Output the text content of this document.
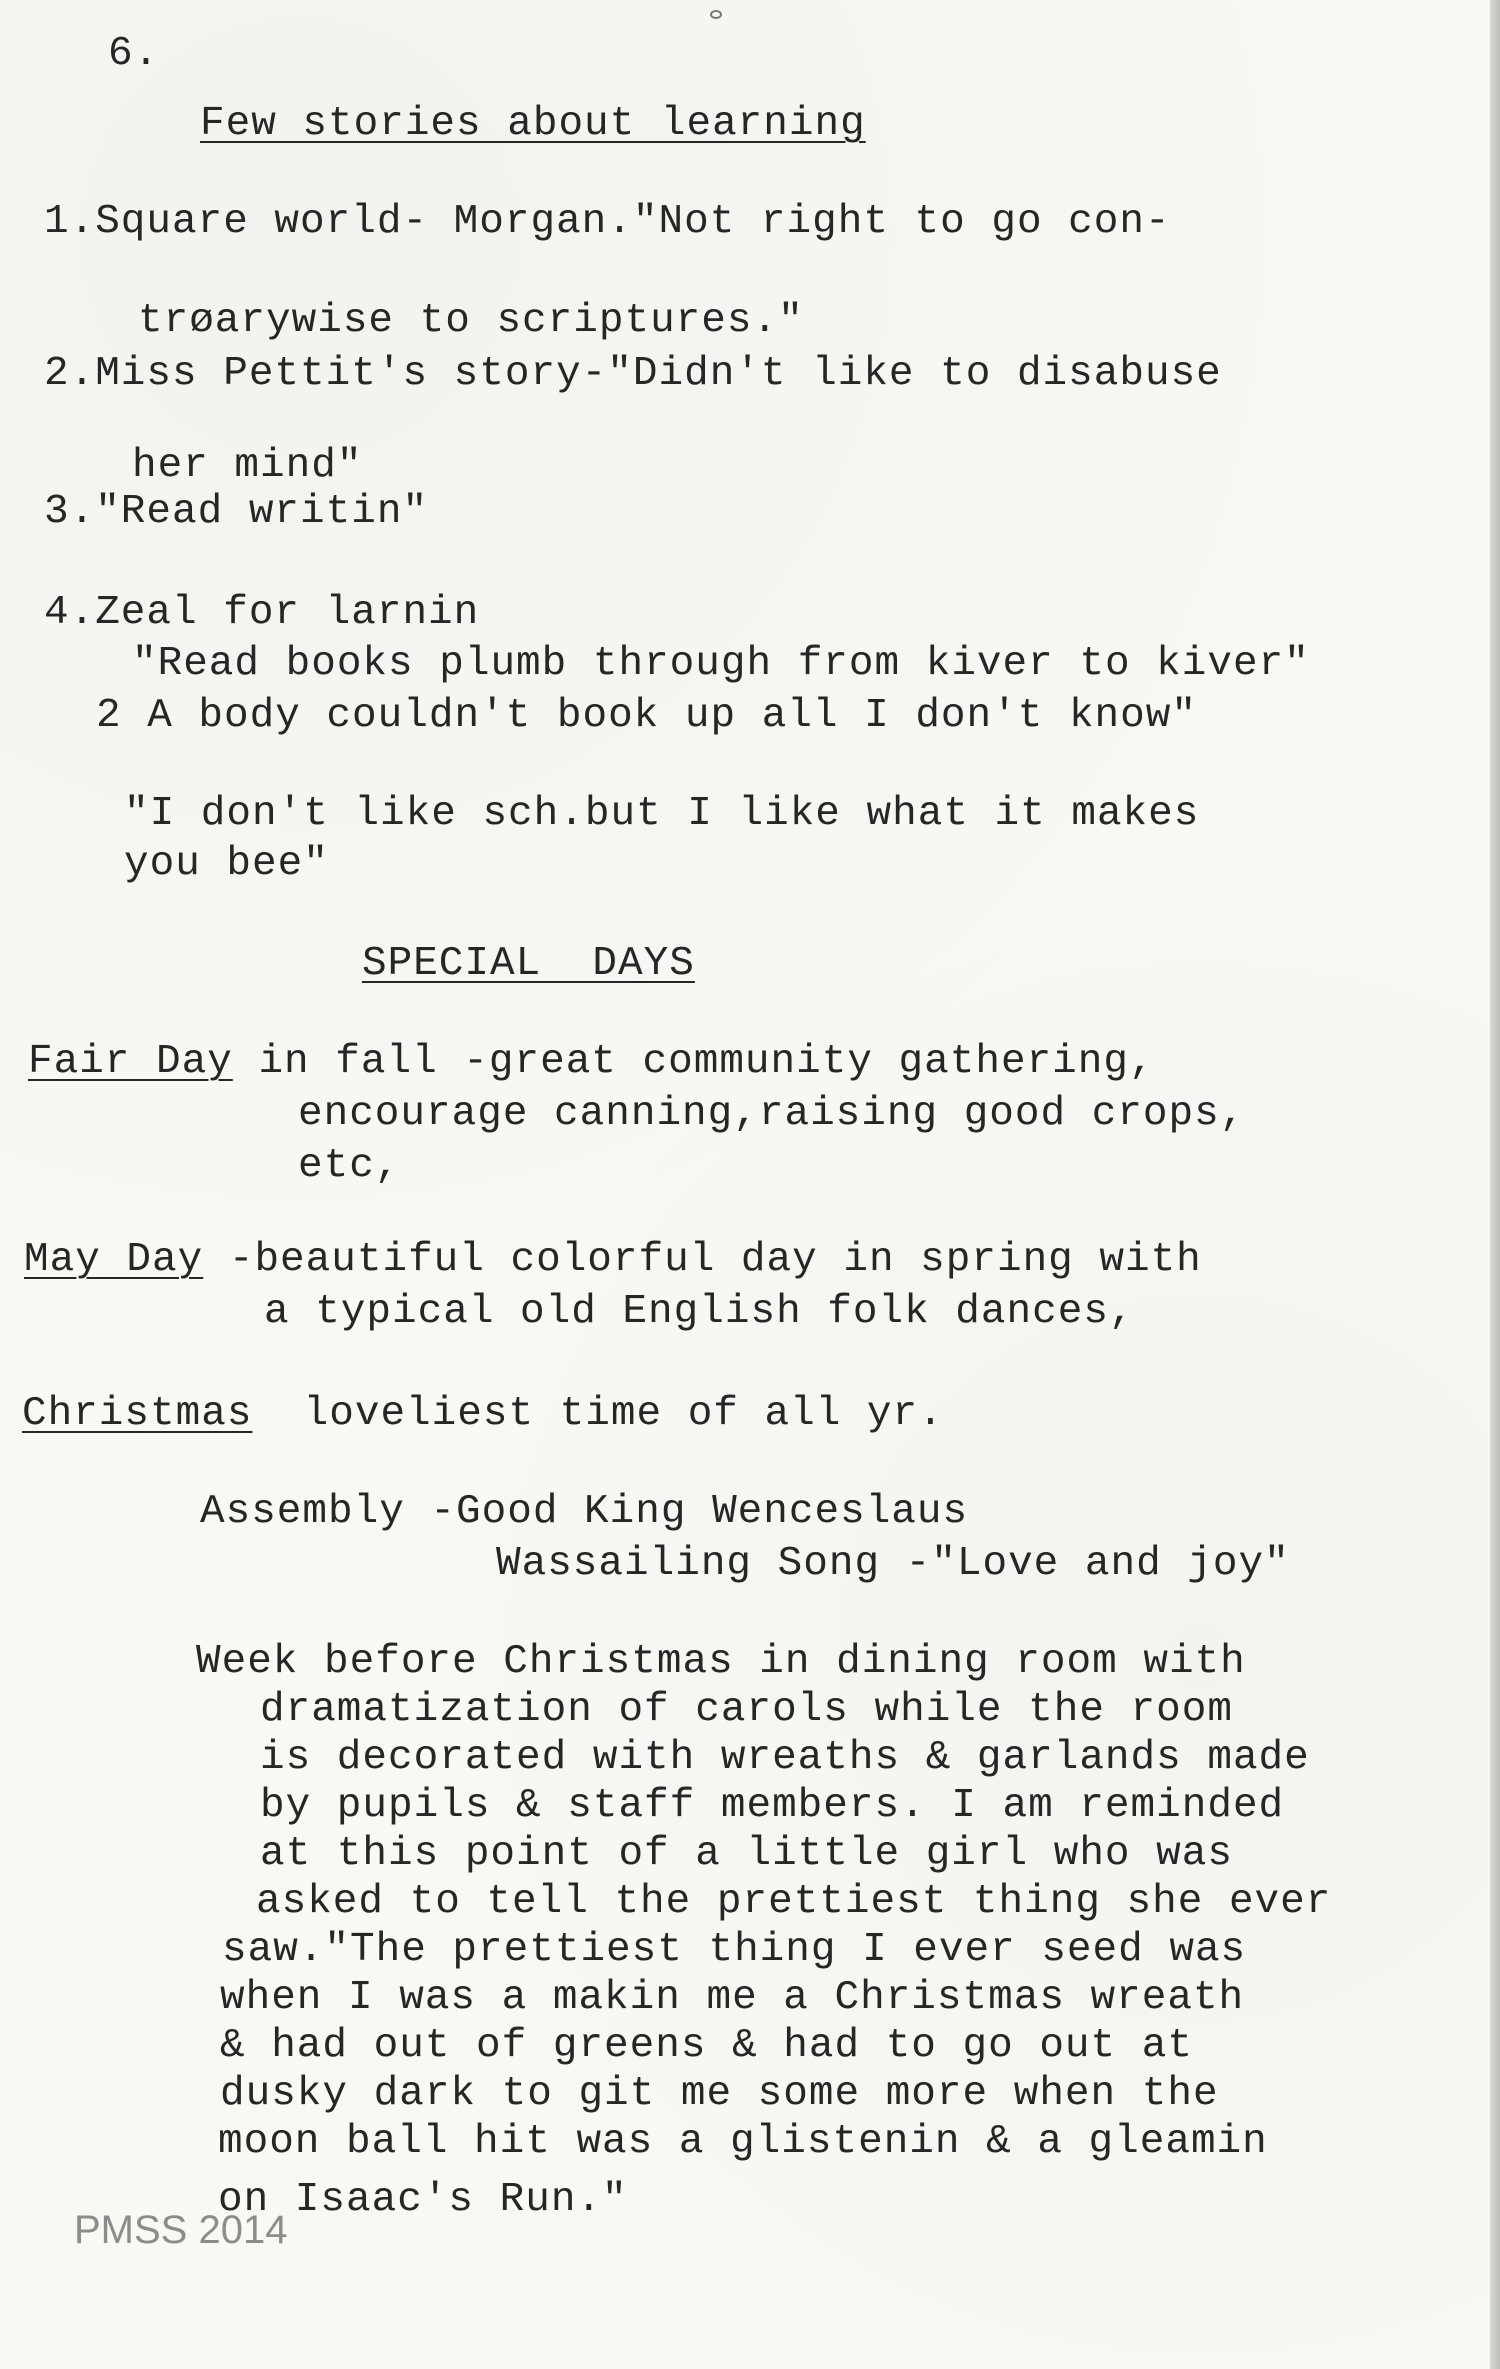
6.
Few stories about learning
1.Square world- Morgan."Not right to go con-
trøarywise to scriptures."
2.Miss Pettit's story-"Didn't like to disabuse
her mind"
3."Read writin"
4.Zeal for larnin
"Read books plumb through from kiver to kiver"
2 A body couldn't book up all I don't know"
"I don't like sch.but I like what it makes
you bee"
SPECIAL  DAYS
Fair Day in fall -great community gathering,
encourage canning,raising good crops,
etc,
May Day -beautiful colorful day in spring with
a typical old English folk dances,
Christmas  loveliest time of all yr.
Assembly -Good King Wenceslaus
Wassailing Song -"Love and joy"
Week before Christmas in dining room with
dramatization of carols while the room
is decorated with wreaths & garlands made
by pupils & staff members. I am reminded
at this point of a little girl who was
asked to tell the prettiest thing she ever
saw."The prettiest thing I ever seed was
when I was a makin me a Christmas wreath
& had out of greens & had to go out at
dusky dark to git me some more when the
moon ball hit was a glistenin & a gleamin
on Isaac's Run."
PMSS 2014
